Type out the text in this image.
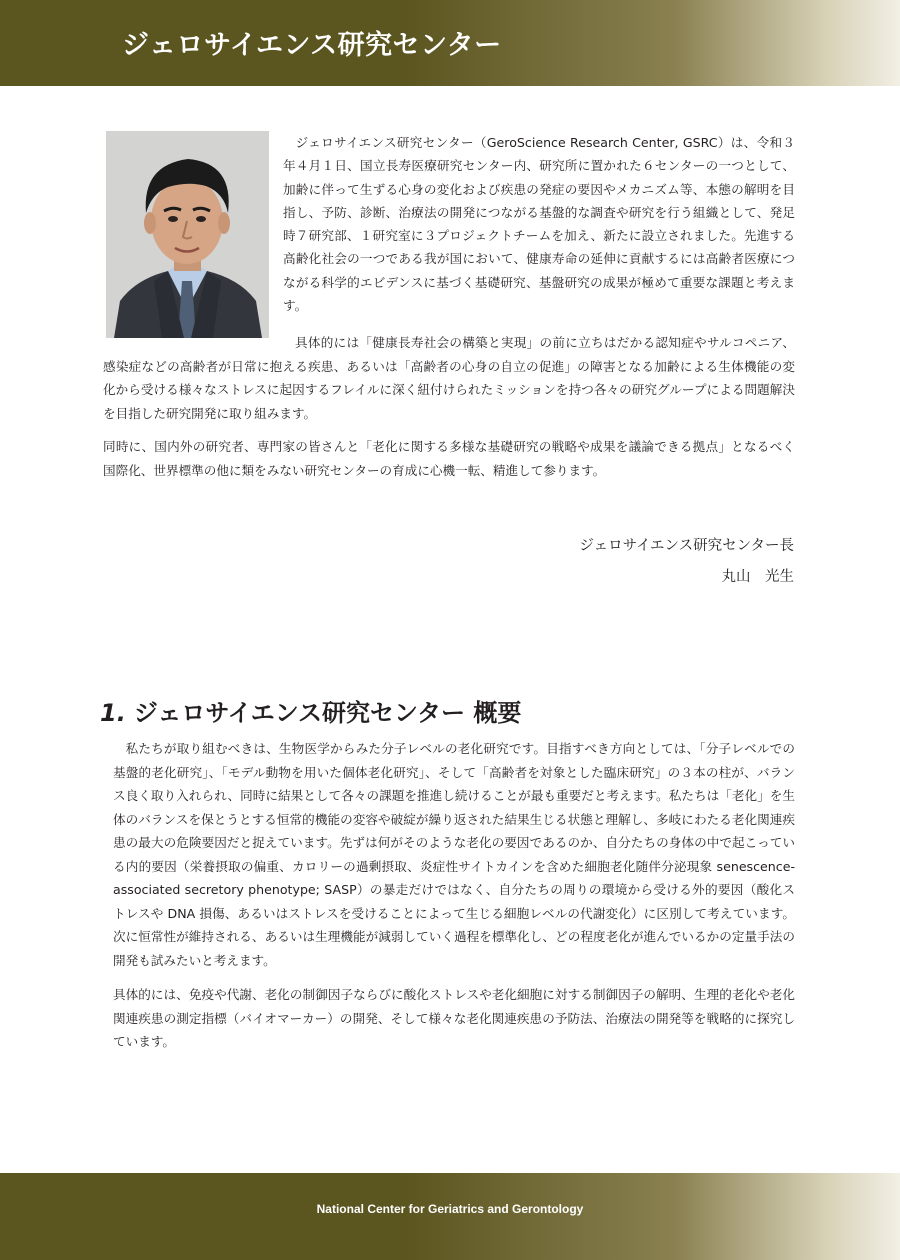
ジェロサイエンス研究センター

ジェロサイエンス研究センター（GeroScience Research Center, GSRC）は、令和３年４月１日、国立長寿医療研究センター内、研究所に置かれた６センターの一つとして、加齢に伴って生ずる心身の変化および疾患の発症の要因やメカニズム等、本態の解明を目指し、予防、診断、治療法の開発につながる基盤的な調査や研究を行う組織として、発足時７研究部、１研究室に３プロジェクトチームを加え、新たに設立されました。先進する高齢化社会の一つである我が国において、健康寿命の延伸に貢献するには高齢者医療につながる科学的エビデンスに基づく基礎研究、基盤研究の成果が極めて重要な課題と考えます。

具体的には「健康長寿社会の構築と実現」の前に立ちはだかる認知症やサルコペニア、感染症などの高齢者が日常に抱える疾患、あるいは「高齢者の心身の自立の促進」の障害となる加齢による生体機能の変化から受ける様々なストレスに起因するフレイルに深く紐付けられたミッションを持つ各々の研究グループによる問題解決を目指した研究開発に取り組みます。

同時に、国内外の研究者、専門家の皆さんと「老化に関する多様な基礎研究の戦略や成果を議論できる拠点」となるべく国際化、世界標準の他に類をみない研究センターの育成に心機一転、精進して参ります。

ジェロサイエンス研究センター長
丸山　光生
1. ジェロサイエンス研究センター 概要

私たちが取り組むべきは、生物医学からみた分子レベルの老化研究です。目指すべき方向としては、「分子レベルでの基盤的老化研究」、「モデル動物を用いた個体老化研究」、そして「高齢者を対象とした臨床研究」の３本の柱が、バランス良く取り入れられ、同時に結果として各々の課題を推進し続けることが最も重要だと考えます。私たちは「老化」を生体のバランスを保とうとする恒常的機能の変容や破綻が繰り返された結果生じる状態と理解し、多岐にわたる老化関連疾患の最大の危険要因だと捉えています。先ずは何がそのような老化の要因であるのか、自分たちの身体の中で起こっている内的要因（栄養摂取の偏重、カロリーの過剰摂取、炎症性サイトカインを含めた細胞老化随伴分泌現象 senescence-associated secretory phenotype; SASP）の暴走だけではなく、自分たちの周りの環境から受ける外的要因（酸化ストレスや DNA 損傷、あるいはストレスを受けることによって生じる細胞レベルの代謝変化）に区別して考えています。次に恒常性が維持される、あるいは生理機能が減弱していく過程を標準化し、どの程度老化が進んでいるかの定量手法の開発も試みたいと考えます。

具体的には、免疫や代謝、老化の制御因子ならびに酸化ストレスや老化細胞に対する制御因子の解明、生理的老化や老化関連疾患の測定指標（バイオマーカー）の開発、そして様々な老化関連疾患の予防法、治療法の開発等を戦略的に探究しています。

National Center for Geriatrics and Gerontology
